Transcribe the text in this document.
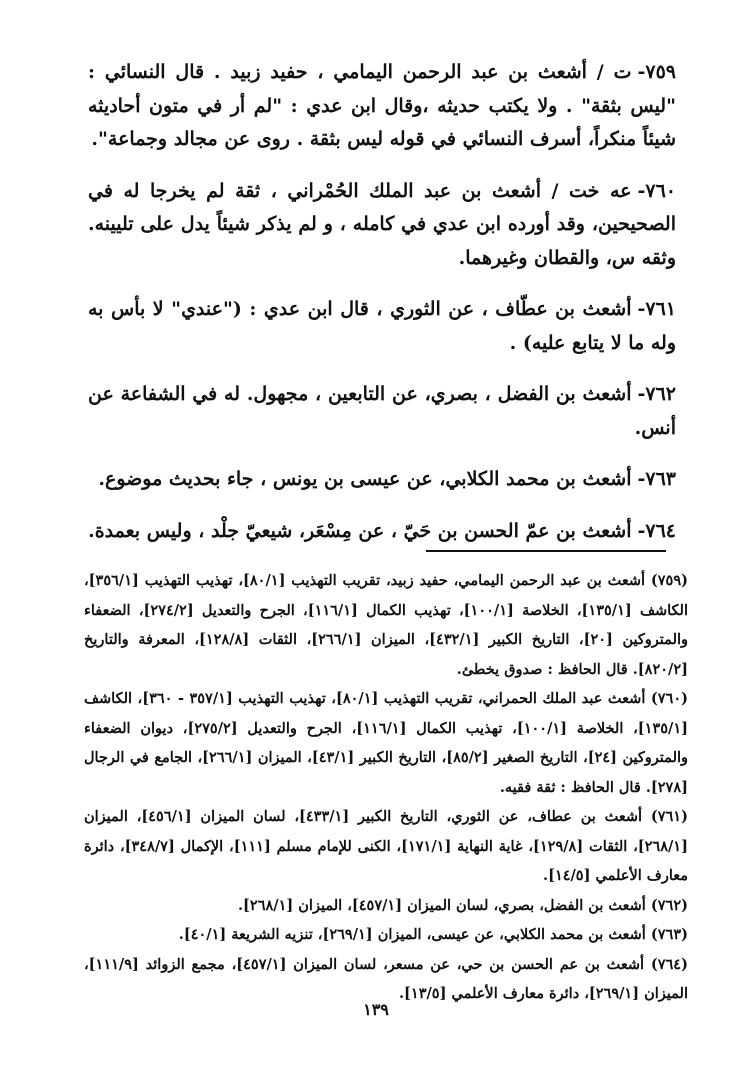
٧٥٩-ت / أشعث بن عبد الرحمن اليمامي ، حفيد زبيد . قال النسائي : "ليس بثقة" . ولا يكتب حديثه ،وقال ابن عدي : "لم أر في متون أحاديثه شيئاً منكراً، أسرف النسائي في قوله ليس بثقة . روى عن مجالد وجماعة".

٧٦٠-عه خت / أشعث بن عبد الملك الحُمْراني ، ثقة لم يخرجا له في الصحيحين، وقد أورده ابن عدي في كامله ، و لم يذكر شيئاً يدل على تليينه. وثقه س، والقطان وغيرهما.

٧٦١-أشعث بن عطّاف ، عن الثوري ، قال ابن عدي : ("عندي" لا بأس به وله ما لا يتابع عليه) .

٧٦٢-أشعث بن الفضل ، بصري، عن التابعين ، مجهول. له في الشفاعة عن أنس.

٧٦٣-أشعث بن محمد الكلابي، عن عيسى بن يونس ، جاء بحديث موضوع.

٧٦٤-أشعث بن عمّ الحسن بن حَيّ ، عن مِسْعَر، شيعيّ جلْد ، وليس بعمدة.

(٧٥٩) أشعث بن عبد الرحمن اليمامي، حفيد زبيد، تقريب التهذيب [٨٠/١]، تهذيب التهذيب [٣٥٦/١]، الكاشف [١٣٥/١]، الخلاصة [١٠٠/١]، تهذيب الكمال [١١٦/١]، الجرح والتعديل [٢٧٤/٢]، الضعفاء والمتروكين [٢٠]، التاريخ الكبير [٤٣٢/١]، الميزان [٢٦٦/١]، الثقات [١٢٨/٨]، المعرفة والتاريخ [٨٢٠/٢]. قال الحافظ : صدوق يخطئ.

(٧٦٠) أشعث عبد الملك الحمراني، تقريب التهذيب [٨٠/١]، تهذيب التهذيب [٣٥٧/١ - ٣٦٠]، الكاشف [١٣٥/١]، الخلاصة [١٠٠/١]، تهذيب الكمال [١١٦/١]، الجرح والتعديل [٢٧٥/٢]، ديوان الضعفاء والمتروكين [٢٤]، التاريخ الصغير [٨٥/٢]، التاريخ الكبير [٤٣/١]، الميزان [٢٦٦/١]، الجامع في الرجال [٢٧٨]. قال الحافظ : ثقة فقيه.

(٧٦١) أشعث بن عطاف، عن الثوري، التاريخ الكبير [٤٣٣/١]، لسان الميزان [٤٥٦/١]، الميزان [٢٦٨/١]، الثقات [١٢٩/٨]، غاية النهاية [١٧١/١]، الكنى للإمام مسلم [١١١]، الإكمال [٣٤٨/٧]، دائرة معارف الأعلمي [١٤/٥].

(٧٦٢) أشعث بن الفضل، بصري، لسان الميزان [٤٥٧/١]، الميزان [٢٦٨/١].

(٧٦٣) أشعث بن محمد الكلابي، عن عيسى، الميزان [٢٦٩/١]، تنزيه الشريعة [٤٠/١].

(٧٦٤) أشعث بن عم الحسن بن حي، عن مسعر، لسان الميزان [٤٥٧/١]، مجمع الزوائد [١١١/٩]، الميزان [٢٦٩/١]، دائرة معارف الأعلمي [١٣/٥].

١٣٩
